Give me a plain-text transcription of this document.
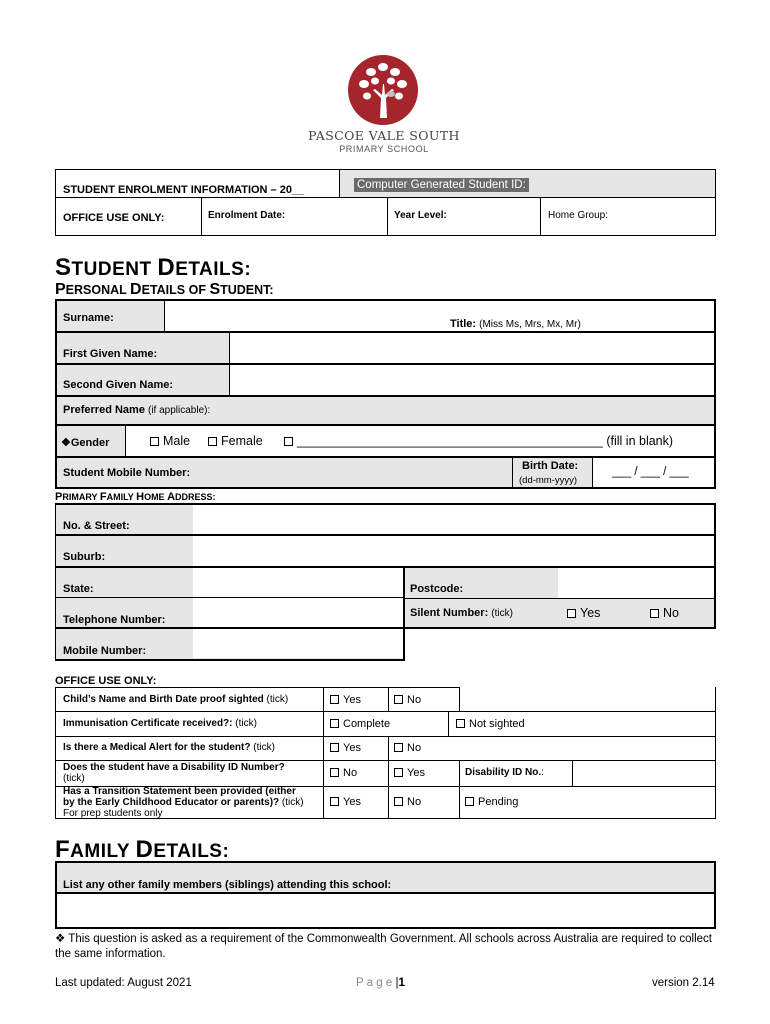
PASCOE VALE SOUTH
PRIMARY SCHOOL
Computer Generated Student ID:
STUDENT ENROLMENT INFORMATION – 20__
OFFICE USE ONLY:	Enrolment Date:	Year Level:	Home Group:
STUDENT DETAILS:
PERSONAL DETAILS OF STUDENT:
Surname:	Title: (Miss Ms, Mrs, Mx, Mr)
First Given Name:
Second Given Name:
Preferred Name (if applicable):
❖Gender	Male	Female	____________________________________________ (fill in blank)
Student Mobile Number:
Birth Date:
(dd-mm-yyyy)
___ / ___ / ___
PRIMARY FAMILY HOME ADDRESS:
No. & Street:
Suburb:
State:	Postcode:
Telephone Number:
Silent Number: (tick)	Yes	No
Mobile Number:
OFFICE USE ONLY:
Child’s Name and Birth Date proof sighted (tick)	Yes	No
Immunisation Certificate received?: (tick)	Complete	Not sighted
Is there a Medical Alert for the student? (tick)	Yes	No
Does the student have a Disability ID Number?
(tick)	No	Yes	Disability ID No.:
Has a Transition Statement been provided (either
by the Early Childhood Educator or parents)? (tick)
For prep students only
Yes	No	Pending
FAMILY DETAILS:
List any other family members (siblings) attending this school:
❖ This question is asked as a requirement of the Commonwealth Government. All schools across Australia are required to collect the same information.
Last updated: August 2021	P a g e |1	version 2.14
